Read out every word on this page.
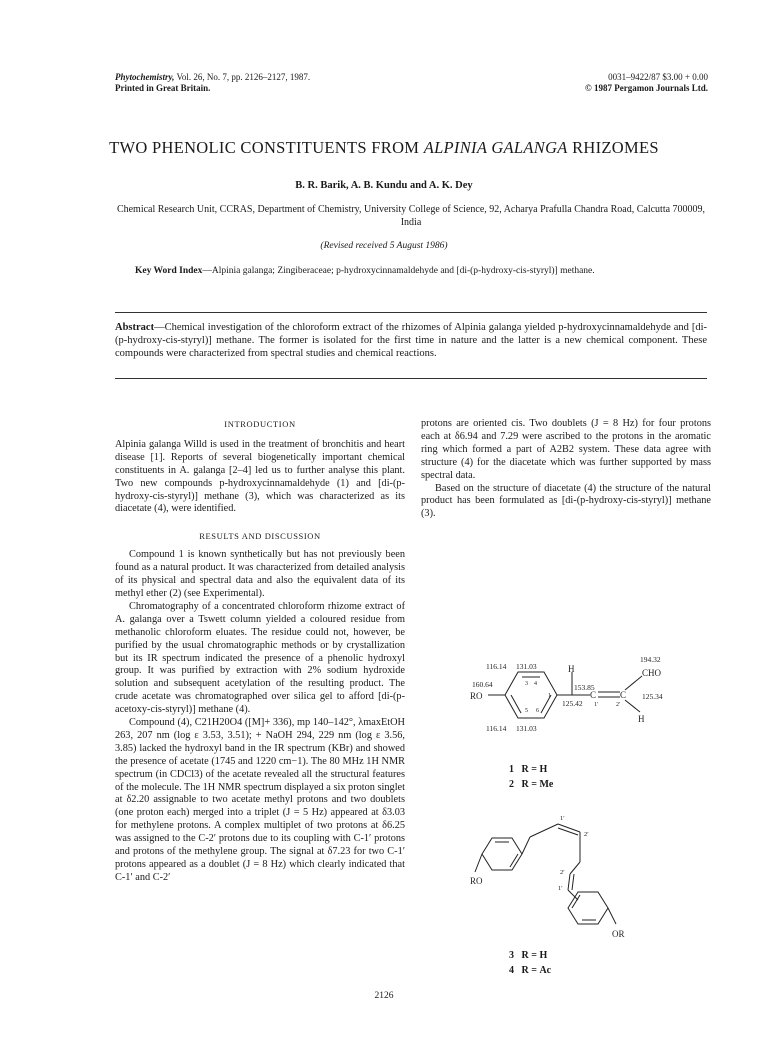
Phytochemistry, Vol. 26, No. 7, pp. 2126–2127, 1987.
Printed in Great Britain.
0031–9422/87 $3.00 + 0.00
© 1987 Pergamon Journals Ltd.
TWO PHENOLIC CONSTITUENTS FROM ALPINIA GALANGA RHIZOMES
B. R. Barik, A. B. Kundu and A. K. Dey
Chemical Research Unit, CCRAS, Department of Chemistry, University College of Science, 92, Acharya Prafulla Chandra Road, Calcutta 700009, India
(Revised received 5 August 1986)
Key Word Index—Alpinia galanga; Zingiberaceae; p-hydroxycinnamaldehyde and [di-(p-hydroxy-cis-styryl)] methane.
Abstract—Chemical investigation of the chloroform extract of the rhizomes of Alpinia galanga yielded p-hydroxycinnamaldehyde and [di-(p-hydroxy-cis-styryl)] methane. The former is isolated for the first time in nature and the latter is a new chemical component. These compounds were characterized from spectral studies and chemical reactions.
INTRODUCTION

Alpinia galanga Willd is used in the treatment of bronchitis and heart disease [1]. Reports of several biogenetically important chemical constituents in A. galanga [2–4] led us to further analyse this plant. Two new compounds p-hydroxycinnamaldehyde (1) and [di-(p-hydroxy-cis-styryl)] methane (3), which was characterized as its diacetate (4), were identified.

RESULTS AND DISCUSSION

Compound 1 is known synthetically but has not previously been found as a natural product. It was characterized from detailed analysis of its physical and spectral data and also the equivalent data of its methyl ether (2) (see Experimental).

Chromatography of a concentrated chloroform rhizome extract of A. galanga over a Tswett column yielded a coloured residue from methanolic chloroform eluates. The residue could not, however, be purified by the usual chromatographic methods or by crystallization but its IR spectrum indicated the presence of a phenolic hydroxyl group. It was purified by extraction with 2% sodium hydroxide solution and subsequent acetylation of the resulting product. The crude acetate was chromatographed over silica gel to afford [di-(p-acetoxy-cis-styryl)] methane (4).

Compound (4), C21H20O4 ([M]+ 336), mp 140–142°, λmaxEtOH 263, 207 nm (log ε 3.53, 3.51); + NaOH 294, 229 nm (log ε 3.56, 3.85) lacked the hydroxyl band in the IR spectrum (KBr) and showed the presence of acetate (1745 and 1220 cm−1). The 80 MHz 1H NMR spectrum (in CDCl3) of the acetate revealed all the structural features of the molecule. The 1H NMR spectrum displayed a six proton singlet at δ2.20 assignable to two acetate methyl protons and two doublets (one proton each) merged into a triplet (J = 5 Hz) appeared at δ3.03 for methylene protons. A complex multiplet of two protons at δ6.25 was assigned to the C-2′ protons due to its coupling with C-1′ protons and protons of the methylene group. The signal at δ7.23 for two C-1′ protons appeared as a doublet (J = 8 Hz) which clearly indicated that C-1′ and C-2′

protons are oriented cis. Two doublets (J = 8 Hz) for four protons each at δ6.94 and 7.29 were ascribed to the protons in the aromatic ring which formed a part of A2B2 system. These data agree with structure (4) for the diacetate which was further supported by mass spectral data.

Based on the structure of diacetate (4) the structure of the natural product has been formulated as [di-(p-hydroxy-cis-styryl)] methane (3).

116.14 131.03
194.32
CHO
160.64	153.85
125.34
125.42
116.14 131.03
RO	C	C
H
H
3 4
1
5 6
1′	2′
1 R = H
2 R = Me
RO
OR
1′
2′
2′
1′
3 R = H
4 R = Ac
2126
